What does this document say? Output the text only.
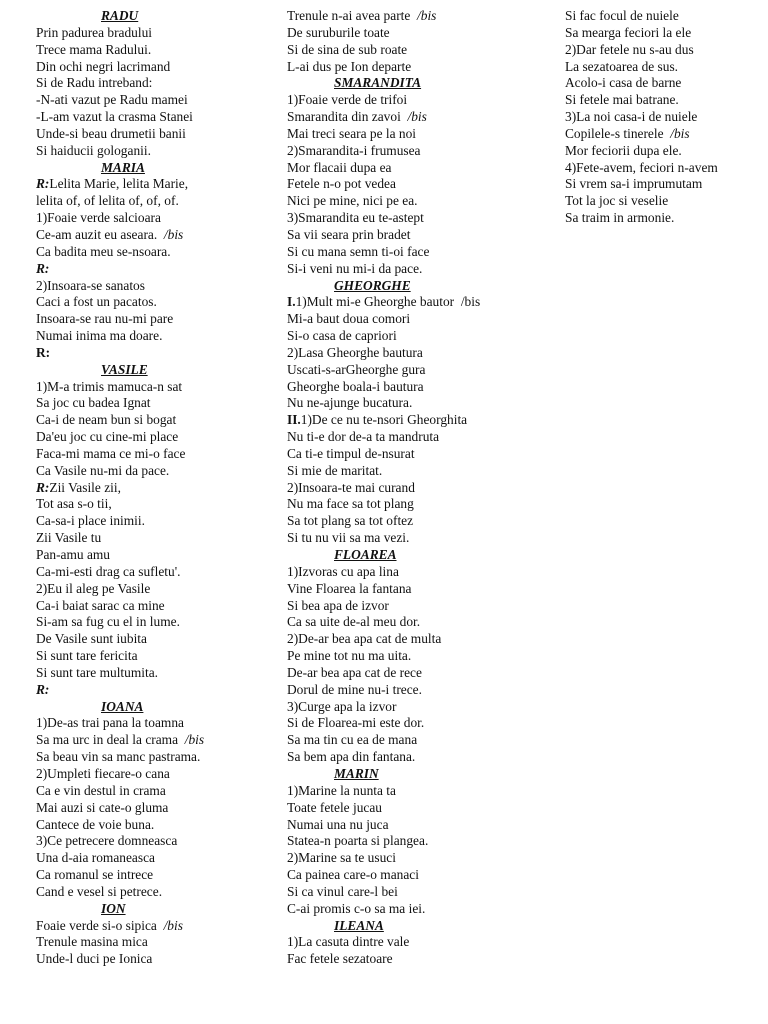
RADU
Prin padurea bradului
Trece mama Radului.
Din ochi negri lacrimand
Si de Radu intreband:
-N-ati vazut pe Radu mamei
-L-am vazut la crasma Stanei
Unde-si beau drumetii banii
Si haiducii gologanii.
MARIA
R:Lelita Marie, lelita Marie,
lelita of, of lelita of, of, of.
1)Foaie verde salcioara
Ce-am auzit eu aseara. /bis
Ca badita meu se-nsoara.
R:
2)Insoara-se sanatos
Caci a fost un pacatos.
Insoara-se rau nu-mi pare
Numai inima ma doare.
R:
VASILE
1)M-a trimis mamuca-n sat
Sa joc cu badea Ignat
Ca-i de neam bun si bogat
Da'eu joc cu cine-mi place
Faca-mi mama ce mi-o face
Ca Vasile nu-mi da pace.
R:Zii Vasile zii,
Tot asa s-o tii,
Ca-sa-i place inimii.
Zii Vasile tu
Pan-amu amu
Ca-mi-esti drag ca sufletu'.
2)Eu il aleg pe Vasile
Ca-i baiat sarac ca mine
Si-am sa fug cu el in lume.
De Vasile sunt iubita
Si sunt tare fericita
Si sunt tare multumita.
R:
IOANA
1)De-as trai pana la toamna
Sa ma urc in deal la crama /bis
Sa beau vin sa manc pastrama.
2)Umpleti fiecare-o cana
Ca e vin destul in crama
Mai auzi si cate-o gluma
Cantece de voie buna.
3)Ce petrecere domneasca
Una d-aia romaneasca
Ca romanul se intrece
Cand e vesel si petrece.
ION
Foaie verde si-o sipica /bis
Trenule masina mica
Unde-l duci pe Ionica
Trenule n-ai avea parte /bis
De suruburile toate
Si de sina de sub roate
L-ai dus pe Ion departe
SMARANDITA
1)Foaie verde de trifoi
Smarandita din zavoi /bis
Mai treci seara pe la noi
2)Smarandita-i frumusea
Mor flacaii dupa ea
Fetele n-o pot vedea
Nici pe mine, nici pe ea.
3)Smarandita eu te-astept
Sa vii seara prin bradet
Si cu mana semn ti-oi face
Si-i veni nu mi-i da pace.
GHEORGHE
I.1)Mult mi-e Gheorghe bautor /bis
Mi-a baut doua comori
Si-o casa de capriori
2)Lasa Gheorghe bautura
Uscati-s-arGheorghe gura
Gheorghe boala-i bautura
Nu ne-ajunge bucatura.
II.1)De ce nu te-nsori Gheorghita
Nu ti-e dor de-a ta mandruta
Ca ti-e timpul de-nsurat
Si mie de maritat.
2)Insoara-te mai curand
Nu ma face sa tot plang
Sa tot plang sa tot oftez
Si tu nu vii sa ma vezi.
FLOAREA
1)Izvoras cu apa lina
Vine Floarea la fantana
Si bea apa de izvor
Ca sa uite de-al meu dor.
2)De-ar bea apa cat de multa
Pe mine tot nu ma uita.
De-ar bea apa cat de rece
Dorul de mine nu-i trece.
3)Curge apa la izvor
Si de Floarea-mi este dor.
Sa ma tin cu ea de mana
Sa bem apa din fantana.
MARIN
1)Marine la nunta ta
Toate fetele jucau
Numai una nu juca
Statea-n poarta si plangea.
2)Marine sa te usuci
Ca painea care-o manaci
Si ca vinul care-l bei
C-ai promis c-o sa ma iei.
ILEANA
1)La casuta dintre vale
Fac fetele sezatoare
Si fac focul de nuiele
Sa mearga feciori la ele
2)Dar fetele nu s-au dus
La sezatoarea de sus.
Acolo-i casa de barne
Si fetele mai batrane.
3)La noi casa-i de nuiele
Copilele-s tinerele /bis
Mor feciorii dupa ele.
4)Fete-avem, feciori n-avem
Si vrem sa-i imprumutam
Tot la joc si veselie
Sa traim in armonie.
